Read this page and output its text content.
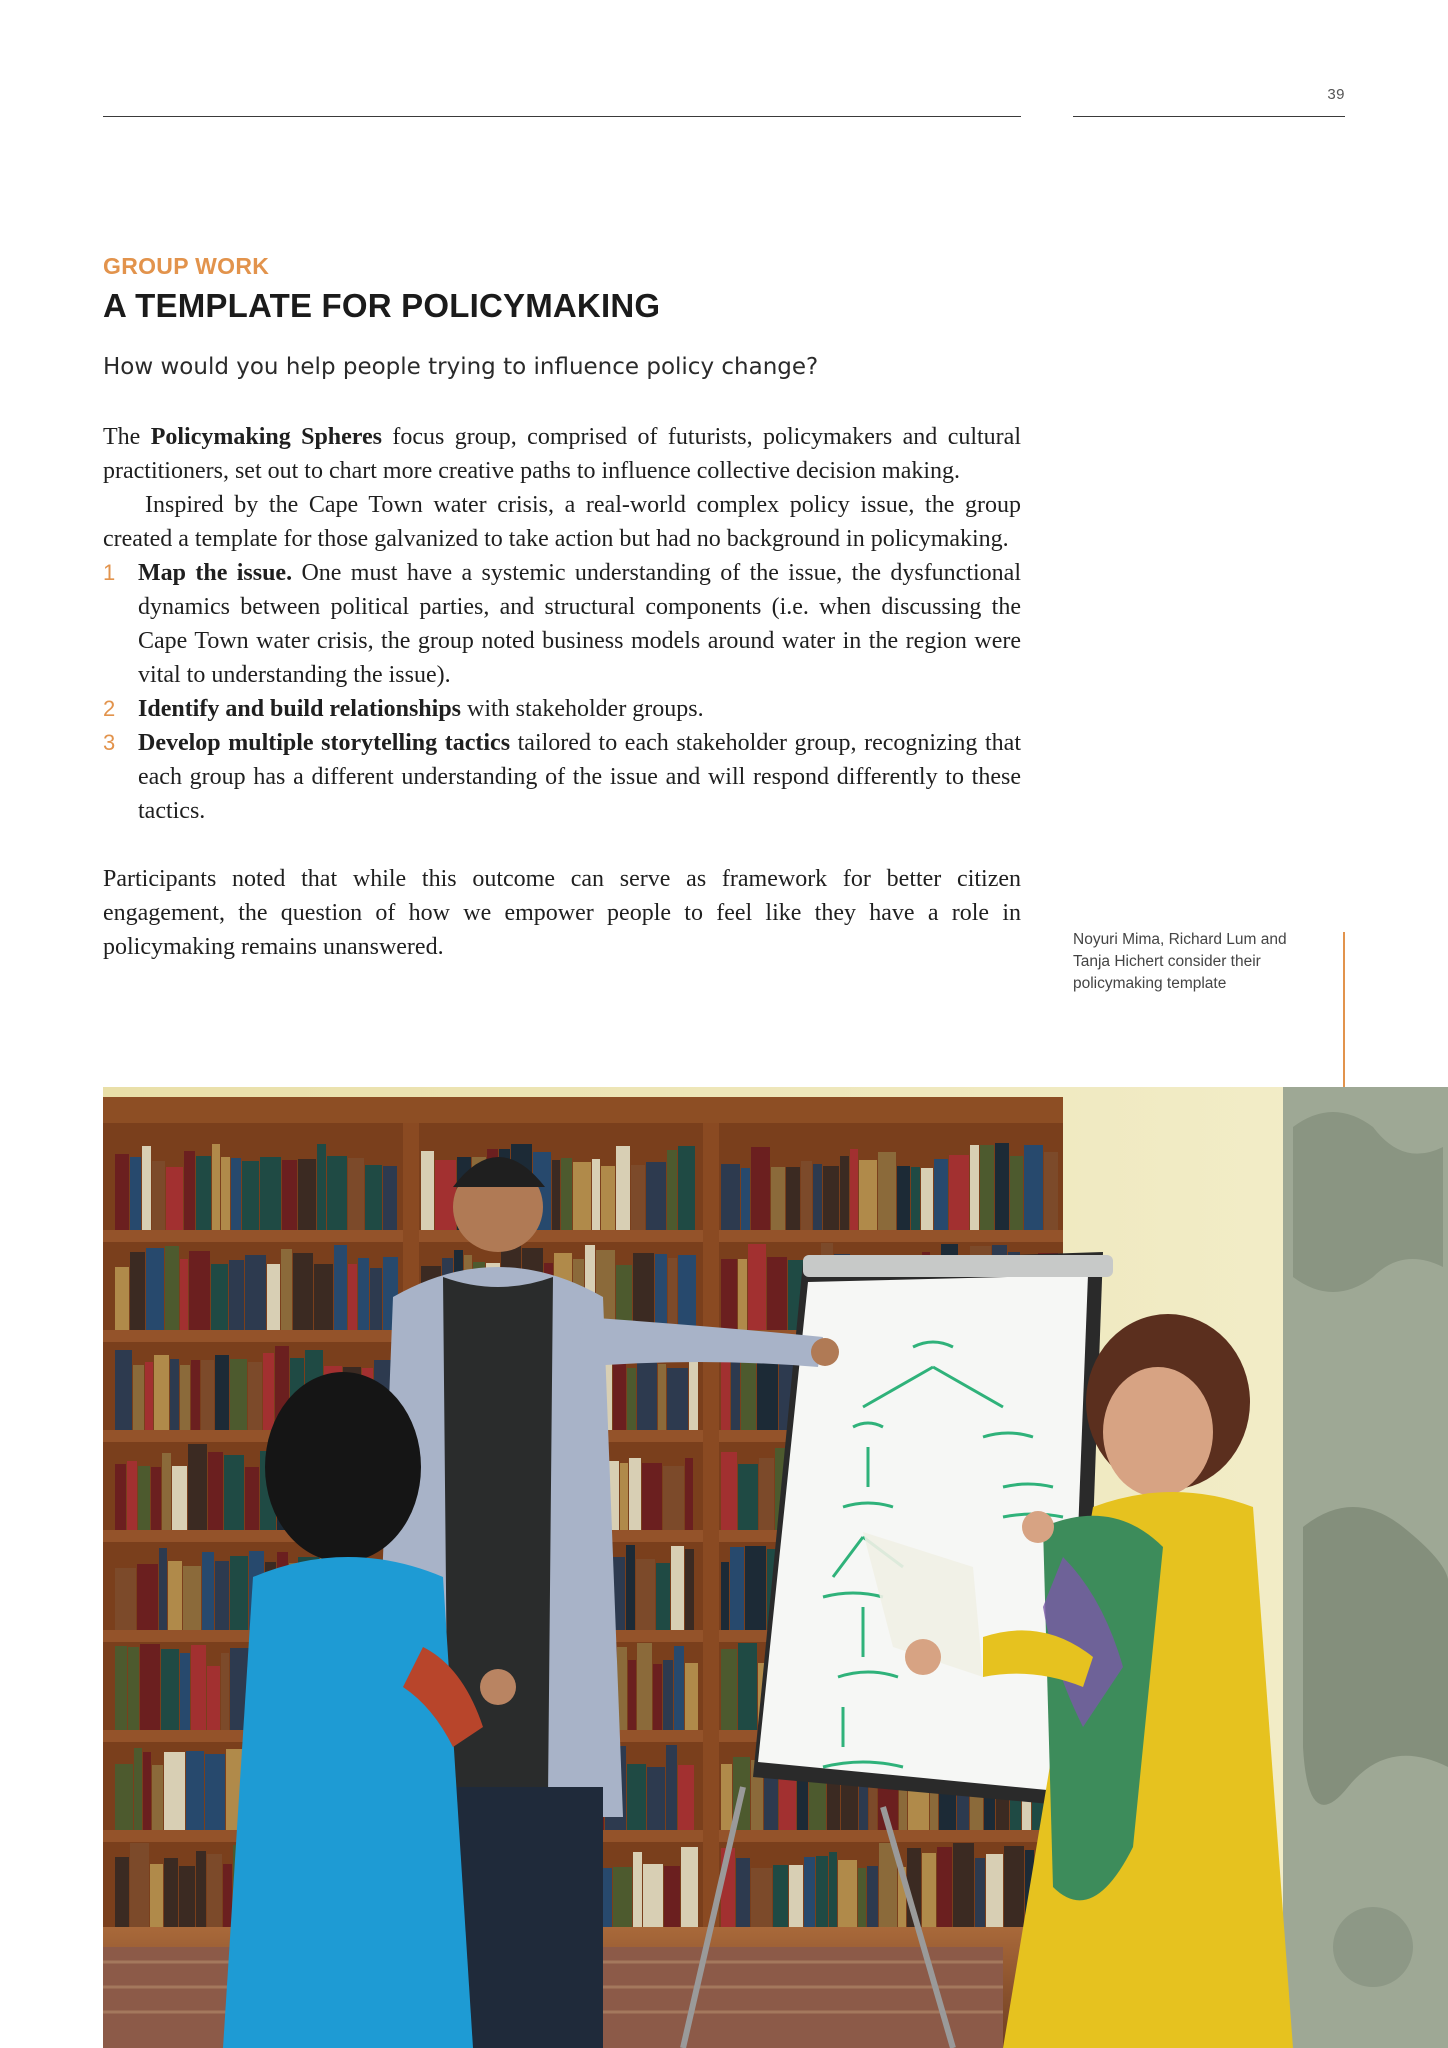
39
GROUP WORK
A TEMPLATE FOR POLICYMAKING
How would you help people trying to influence policy change?

The Policymaking Spheres focus group, comprised of futurists, policymakers and cultural practitioners, set out to chart more creative paths to influence collective decision making.

Inspired by the Cape Town water crisis, a real-world complex policy issue, the group created a template for those galvanized to take action but had no background in policymaking.

1 Map the issue. One must have a systemic understanding of the issue, the dysfunctional dynamics between political parties, and structural components (i.e. when discussing the Cape Town water crisis, the group noted business models around water in the region were vital to understanding the issue).
2 Identify and build relationships with stakeholder groups.
3 Develop multiple storytelling tactics tailored to each stakeholder group, recognizing that each group has a different understanding of the issue and will respond differently to these tactics.

Participants noted that while this outcome can serve as framework for better citizen engagement, the question of how we empower people to feel like they have a role in policymaking remains unanswered.	Noyuri Mima, Richard Lum and Tanja Hichert consider their policymaking template
